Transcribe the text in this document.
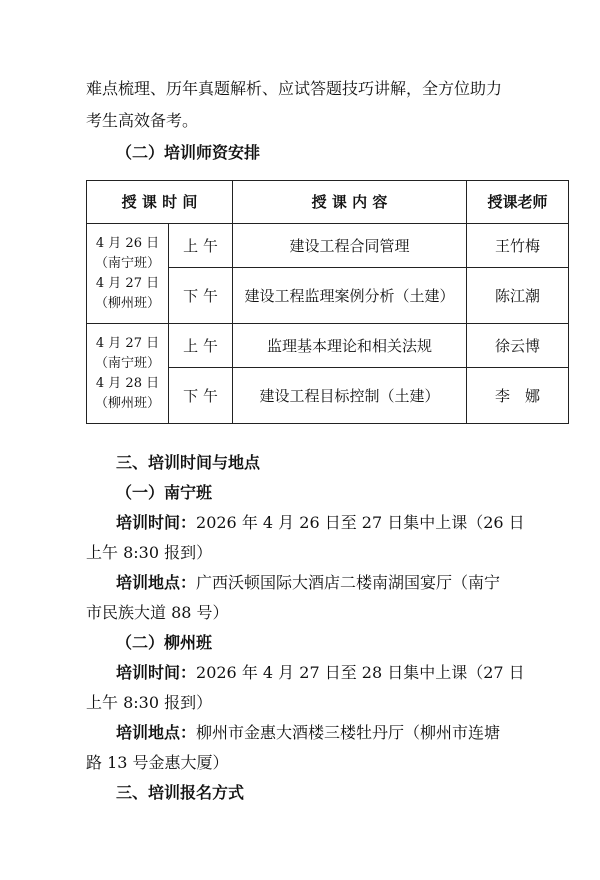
难点梳理、历年真题解析、应试答题技巧讲解，全方位助力
考生高效备考。
（二）培训师资安排
授 课 时 间		授 课 内 容	授课老师

4 月 26 日
（南宁班）
4 月 27 日
（柳州班）	上 午	建设工程合同管理	王竹梅
	下 午	建设工程监理案例分析（土建）	陈江潮

4 月 27 日
（南宁班）
4 月 28 日
（柳州班）	上 午	监理基本理论和相关法规	徐云博
	下 午	建设工程目标控制（土建）	李　娜
三、培训时间与地点
（一）南宁班
培训时间：2026 年 4 月 26 日至 27 日集中上课（26 日
上午 8:30 报到）
培训地点：广西沃顿国际大酒店二楼南湖国宴厅（南宁
市民族大道 88 号）
（二）柳州班
培训时间：2026 年 4 月 27 日至 28 日集中上课（27 日
上午 8:30 报到）
培训地点：柳州市金惠大酒楼三楼牡丹厅（柳州市连塘
路 13 号金惠大厦）
三、培训报名方式
